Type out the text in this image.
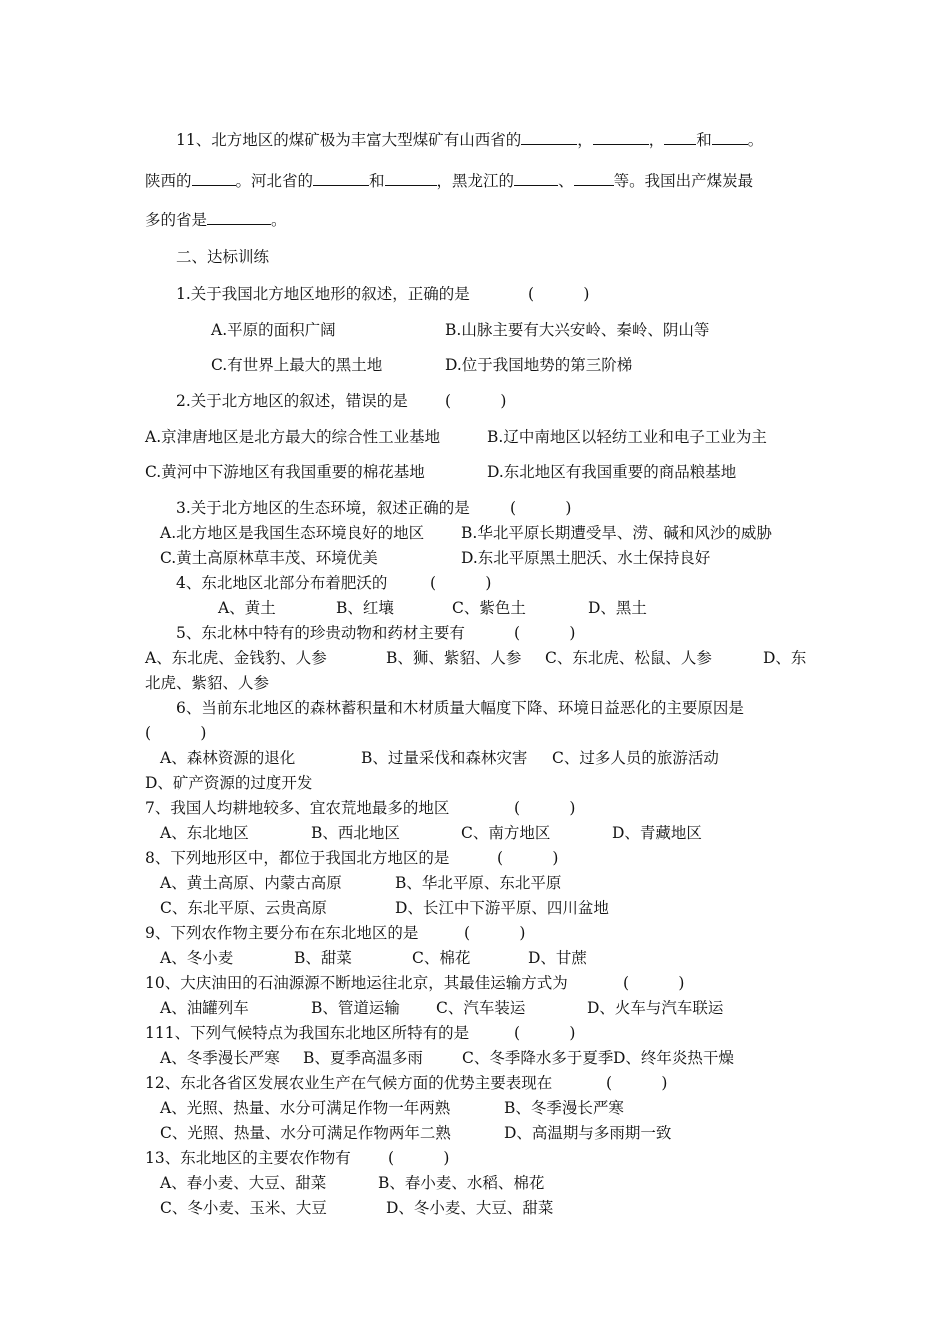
11、北方地区的煤矿极为丰富大型煤矿有山西省的	，	， 和 。
陕西的	。河北省的	和	，黑龙江的	、	等。我国出产煤炭最
多的省是	。
二、达标训练
1.关于我国北方地区地形的叙述，正确的是	(          )
A.平原的面积广阔	B.山脉主要有大兴安岭、秦岭、阴山等
C.有世界上最大的黑土地	D.位于我国地势的第三阶梯
2.关于北方地区的叙述，错误的是 (          )
A.京津唐地区是北方最大的综合性工业基地	B.辽中南地区以轻纺工业和电子工业为主
C.黄河中下游地区有我国重要的棉花基地	D.东北地区有我国重要的商品粮基地
3.关于北方地区的生态环境，叙述正确的是	(          )
A.北方地区是我国生态环境良好的地区 B.华北平原长期遭受旱、涝、碱和风沙的威胁
C.黄土高原林草丰茂、环境优美	D.东北平原黑土肥沃、水土保持良好
4、东北地区北部分布着肥沃的	(          )
A、黄土	B、红壤	C、紫色土	D、黑土
5、东北林中特有的珍贵动物和药材主要有	(          )
A、东北虎、金钱豹、人参	B、狮、紫貂、人参 C、东北虎、松鼠、人参	D、东
北虎、紫貂、人参
6、当前东北地区的森林蓄积量和木材质量大幅度下降、环境日益恶化的主要原因是
(          )
A、森林资源的退化	B、过量采伐和森林灾害 C、过多人员的旅游活动
D、矿产资源的过度开发
7、我国人均耕地较多、宜农荒地最多的地区	(          )
A、东北地区	B、西北地区	C、南方地区	D、青藏地区
8、下列地形区中，都位于我国北方地区的是	(          )
A、黄土高原、内蒙古高原	B、华北平原、东北平原
C、东北平原、云贵高原	D、长江中下游平原、四川盆地
9、下列农作物主要分布在东北地区的是	(          )
A、冬小麦	B、甜菜	C、棉花	D、甘蔗
10、大庆油田的石油源源不断地运往北京，其最佳运输方式为	(          )
A、油罐列车	B、管道运输 C、汽车装运	D、火车与汽车联运
111、下列气候特点为我国东北地区所特有的是	(          )
A、冬季漫长严寒 B、夏季高温多雨	C、冬季降水多于夏季 D、终年炎热干燥
12、东北各省区发展农业生产在气候方面的优势主要表现在	(          )
A、光照、热量、水分可满足作物一年两熟	B、冬季漫长严寒
C、光照、热量、水分可满足作物两年二熟	D、高温期与多雨期一致
13、东北地区的主要农作物有 (          )
A、春小麦、大豆、甜菜	B、春小麦、水稻、棉花
C、冬小麦、玉米、大豆	D、冬小麦、大豆、甜菜
